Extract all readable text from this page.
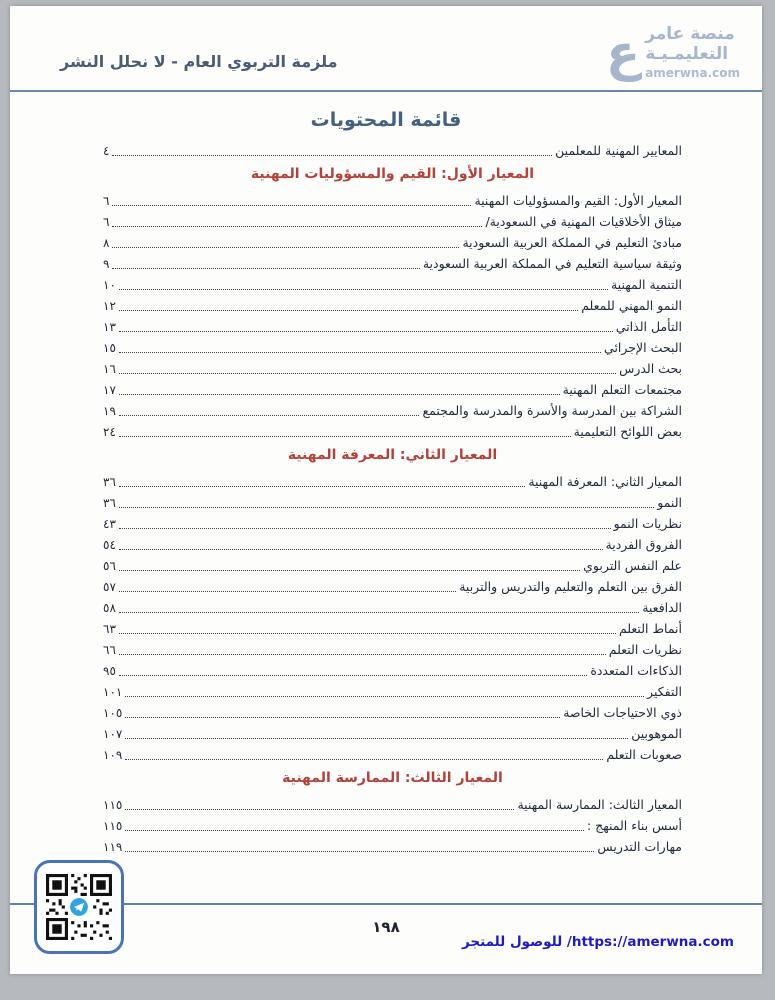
ملزمة التربوي العام - لا نحلل النشر	ع منصة عامر
التعليمـيـة
amerwna.com
قائمة المحتويات
المعايير المهنية للمعلمين
٤
المعيار الأول: القيم والمسؤوليات المهنية
المعيار الأول: القيم والمسؤوليات المهنية
٦
ميثاق الأخلاقيات المهنية في السعودية/
٦
مبادئ التعليم في المملكة العربية السعودية
٨
وثيقة سياسية التعليم في المملكة العربية السعودية
٩
التنمية المهنية
١٠
النمو المهني للمعلم
١٢
التأمل الذاتي
١٣
البحث الإجرائي
١٥
بحث الدرس
١٦
مجتمعات التعلم المهنية
١٧
الشراكة بين المدرسة والأسرة والمدرسة والمجتمع
١٩
بعض اللوائح التعليمية
٢٤
المعيار الثاني: المعرفة المهنية
المعيار الثاني: المعرفة المهنية
٣٦
النمو
٣٦
نظريات النمو
٤٣
الفروق الفردية
٥٤
علم النفس التربوي
٥٦
الفرق بين التعلم والتعليم والتدريس والتربية
٥٧
الدافعية
٥٨
أنماط التعلم
٦٣
نظريات التعلم
٦٦
الذكاءات المتعددة
٩٥
التفكير
١٠١
ذوي الاحتياجات الخاصة
١٠٥
الموهوبين
١٠٧
صعوبات التعلم
١٠٩
المعيار الثالث: الممارسة المهنية
المعيار الثالث: الممارسة المهنية
١١٥
أسس بناء المنهج :
١١٥
مهارات التدريس
١١٩
١٩٨
https://amerwna.com/ للوصول للمتجر
